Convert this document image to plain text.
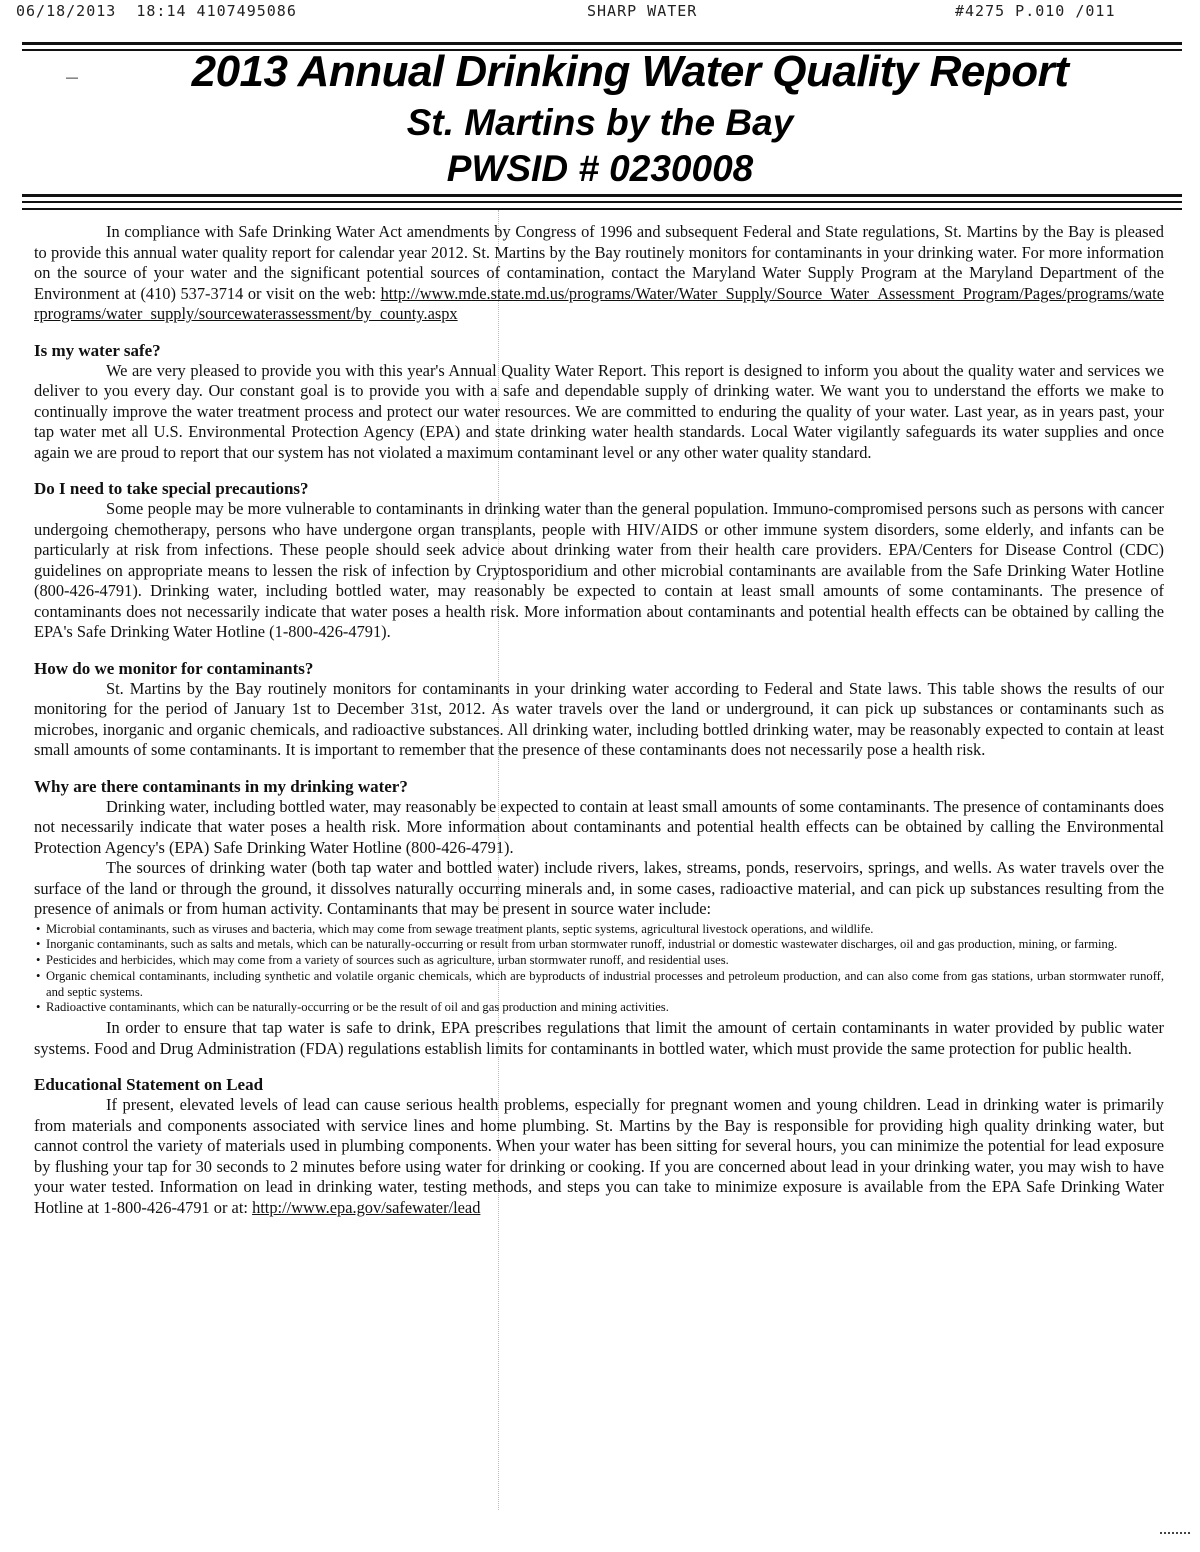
06/18/2013  18:14 4107495086	SHARP WATER	#4275 P.010 /011
—	2013 Annual Drinking Water Quality Report
St. Martins by the Bay
PWSID # 0230008

In compliance with Safe Drinking Water Act amendments by Congress of 1996 and subsequent Federal and State regulations, St. Martins by the Bay is pleased to provide this annual water quality report for calendar year 2012. St. Martins by the Bay routinely monitors for contaminants in your drinking water. For more information on the source of your water and the significant potential sources of contamination, contact the Maryland Water Supply Program at the Maryland Department of the Environment at (410) 537-3714 or visit on the web: http://www.mde.state.md.us/programs/Water/Water_Supply/Source_Water_Assessment_Program/Pages/programs/waterprograms/water_supply/sourcewaterassessment/by_county.aspx

Is my water safe?

We are very pleased to provide you with this year's Annual Quality Water Report. This report is designed to inform you about the quality water and services we deliver to you every day. Our constant goal is to provide you with a safe and dependable supply of drinking water. We want you to understand the efforts we make to continually improve the water treatment process and protect our water resources. We are committed to enduring the quality of your water. Last year, as in years past, your tap water met all U.S. Environmental Protection Agency (EPA) and state drinking water health standards. Local Water vigilantly safeguards its water supplies and once again we are proud to report that our system has not violated a maximum contaminant level or any other water quality standard.

Do I need to take special precautions?

Some people may be more vulnerable to contaminants in drinking water than the general population. Immuno-compromised persons such as persons with cancer undergoing chemotherapy, persons who have undergone organ transplants, people with HIV/AIDS or other immune system disorders, some elderly, and infants can be particularly at risk from infections. These people should seek advice about drinking water from their health care providers. EPA/Centers for Disease Control (CDC) guidelines on appropriate means to lessen the risk of infection by Cryptosporidium and other microbial contaminants are available from the Safe Drinking Water Hotline (800-426-4791). Drinking water, including bottled water, may reasonably be expected to contain at least small amounts of some contaminants. The presence of contaminants does not necessarily indicate that water poses a health risk. More information about contaminants and potential health effects can be obtained by calling the EPA's Safe Drinking Water Hotline (1-800-426-4791).

How do we monitor for contaminants?

St. Martins by the Bay routinely monitors for contaminants in your drinking water according to Federal and State laws. This table shows the results of our monitoring for the period of January 1st to December 31st, 2012. As water travels over the land or underground, it can pick up substances or contaminants such as microbes, inorganic and organic chemicals, and radioactive substances. All drinking water, including bottled drinking water, may be reasonably expected to contain at least small amounts of some contaminants. It is important to remember that the presence of these contaminants does not necessarily pose a health risk.

Why are there contaminants in my drinking water?

Drinking water, including bottled water, may reasonably be expected to contain at least small amounts of some contaminants. The presence of contaminants does not necessarily indicate that water poses a health risk. More information about contaminants and potential health effects can be obtained by calling the Environmental Protection Agency's (EPA) Safe Drinking Water Hotline (800-426-4791).

The sources of drinking water (both tap water and bottled water) include rivers, lakes, streams, ponds, reservoirs, springs, and wells. As water travels over the surface of the land or through the ground, it dissolves naturally occurring minerals and, in some cases, radioactive material, and can pick up substances resulting from the presence of animals or from human activity. Contaminants that may be present in source water include:

• Microbial contaminants, such as viruses and bacteria, which may come from sewage treatment plants, septic systems, agricultural livestock operations, and wildlife.
• Inorganic contaminants, such as salts and metals, which can be naturally-occurring or result from urban stormwater runoff, industrial or domestic wastewater discharges, oil and gas production, mining, or farming.
• Pesticides and herbicides, which may come from a variety of sources such as agriculture, urban stormwater runoff, and residential uses.
• Organic chemical contaminants, including synthetic and volatile organic chemicals, which are byproducts of industrial processes and petroleum production, and can also come from gas stations, urban stormwater runoff, and septic systems.
• Radioactive contaminants, which can be naturally-occurring or be the result of oil and gas production and mining activities.

In order to ensure that tap water is safe to drink, EPA prescribes regulations that limit the amount of certain contaminants in water provided by public water systems. Food and Drug Administration (FDA) regulations establish limits for contaminants in bottled water, which must provide the same protection for public health.

Educational Statement on Lead

If present, elevated levels of lead can cause serious health problems, especially for pregnant women and young children. Lead in drinking water is primarily from materials and components associated with service lines and home plumbing. St. Martins by the Bay is responsible for providing high quality drinking water, but cannot control the variety of materials used in plumbing components. When your water has been sitting for several hours, you can minimize the potential for lead exposure by flushing your tap for 30 seconds to 2 minutes before using water for drinking or cooking. If you are concerned about lead in your drinking water, you may wish to have your water tested. Information on lead in drinking water, testing methods, and steps you can take to minimize exposure is available from the EPA Safe Drinking Water Hotline at 1-800-426-4791 or at: http://www.epa.gov/safewater/lead
